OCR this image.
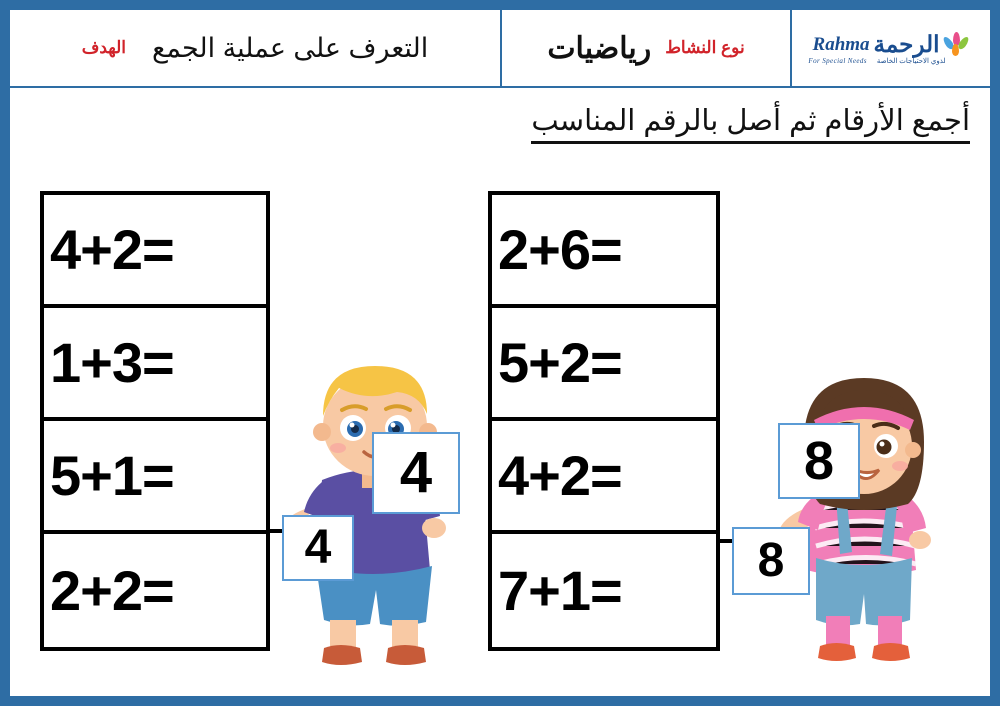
التعرف على عملية الجمع
الهدف	نوع النشاط
رياضيات	الرحمة
Rahma
لذوي الاحتياجات الخاصة
For Special Needs
أجمع الأرقام ثم أصل بالرقم المناسب
4+2=
1+3=
5+1=
2+2=
2+6=
5+2=
4+2=
7+1=
4
4
8
8
